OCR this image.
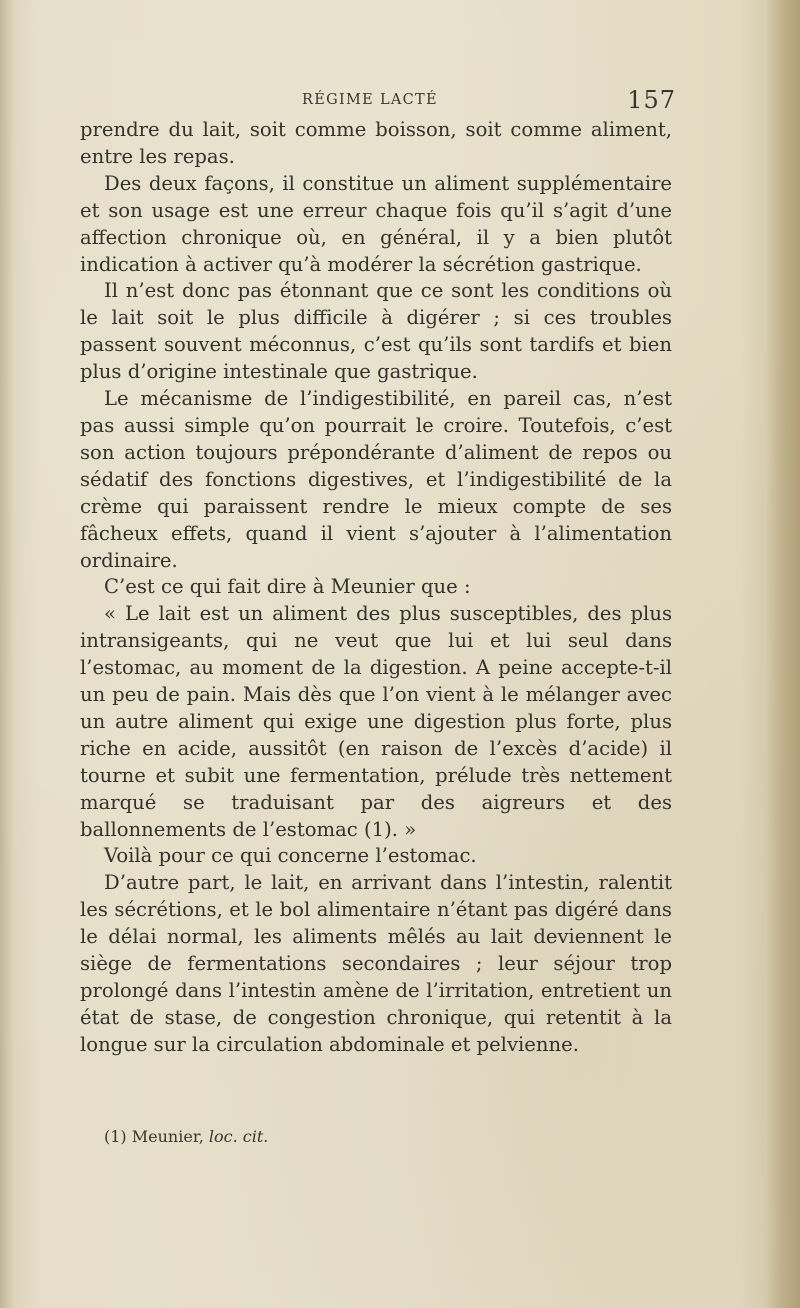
RÉGIME LACTÉ	157

prendre du lait, soit comme boisson, soit comme aliment, entre les repas.

Des deux façons, il constitue un aliment supplémentaire et son usage est une erreur chaque fois qu’il s’agit d’une affection chronique où, en général, il y a bien plutôt indication à activer qu’à modérer la sécrétion gastrique.

Il n’est donc pas étonnant que ce sont les conditions où le lait soit le plus difficile à digérer ; si ces troubles passent souvent méconnus, c’est qu’ils sont tardifs et bien plus d’origine intestinale que gastrique.

Le mécanisme de l’indigestibilité, en pareil cas, n’est pas aussi simple qu’on pourrait le croire. Toutefois, c’est son action toujours prépondérante d’aliment de repos ou sédatif des fonctions digestives, et l’indigestibilité de la crème qui paraissent rendre le mieux compte de ses fâcheux effets, quand il vient s’ajouter à l’alimentation ordinaire.

C’est ce qui fait dire à Meunier que :

« Le lait est un aliment des plus susceptibles, des plus intransigeants, qui ne veut que lui et lui seul dans l’estomac, au moment de la digestion. A peine accepte-t-il un peu de pain. Mais dès que l’on vient à le mélanger avec un autre aliment qui exige une digestion plus forte, plus riche en acide, aussitôt (en raison de l’excès d’acide) il tourne et subit une fermentation, prélude très nettement marqué se traduisant par des aigreurs et des ballonnements de l’estomac (1). »

Voilà pour ce qui concerne l’estomac.

D’autre part, le lait, en arrivant dans l’intestin, ralentit les sécrétions, et le bol alimentaire n’étant pas digéré dans le délai normal, les aliments mêlés au lait deviennent le siège de fermentations secondaires ; leur séjour trop prolongé dans l’intestin amène de l’irritation, entretient un état de stase, de congestion chronique, qui retentit à la longue sur la circulation abdominale et pelvienne.

(1) Meunier, loc. cit.
